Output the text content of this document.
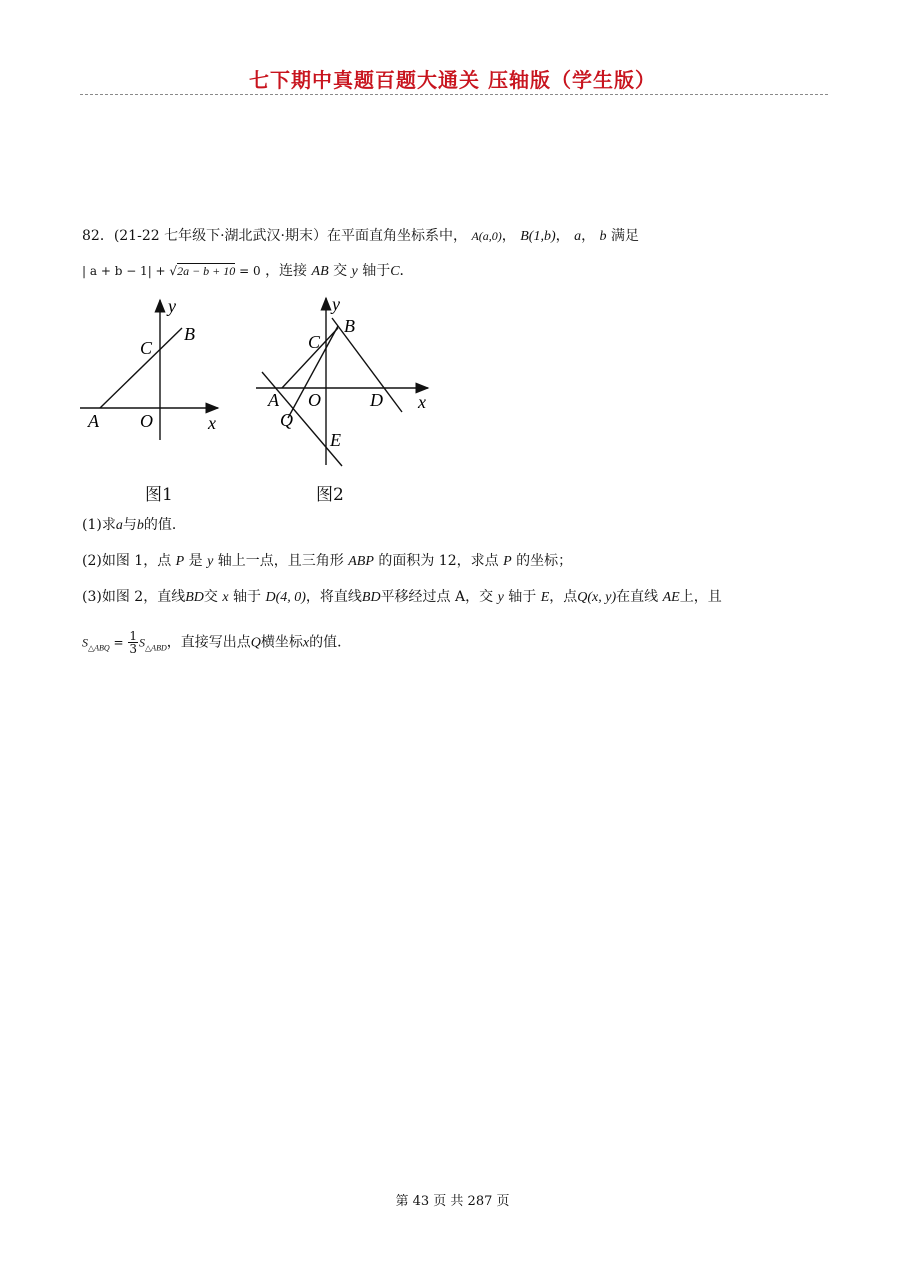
七下期中真题百题大通关 压轴版（学生版）
82．(21-22 七年级下·湖北武汉·期末）在平面直角坐标系中， A(a,0)， B(1,b)， a， b 满足
| a + b − 1| + √2a − b + 10 = 0 ，连接 AB 交 y 轴于C．
y
x
A O
B
C
图1
y
x
A O
B
C
D
Q
E
图2
(1)求a与b的值．
(2)如图 1，点 P 是 y 轴上一点，且三角形 ABP 的面积为 12，求点 P 的坐标；
(3)如图 2，直线BD交 x 轴于 D(4, 0)，将直线BD平移经过点 A，交 y 轴于 E，点Q(x, y)在直线 AE上，且
$S_{\triangle ABQ} = \frac{1}{3} S_{\triangle ABD}$，直接写出点Q横坐标x的值．
第 43 页 共 287 页
